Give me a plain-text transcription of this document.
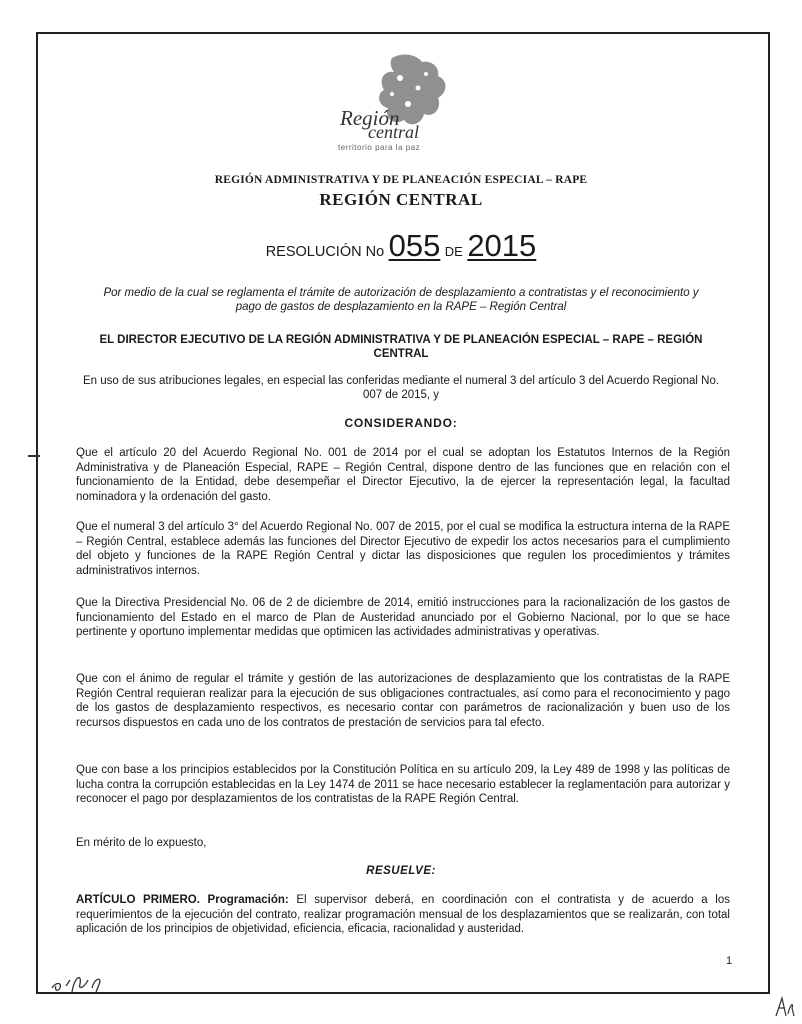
Región
central
territorio para la paz
REGIÓN ADMINISTRATIVA Y DE PLANEACIÓN ESPECIAL – RAPE
REGIÓN CENTRAL
RESOLUCIÓN No 055 DE 2015
Por medio de la cual se reglamenta el trámite de autorización de desplazamiento a contratistas y el reconocimiento y pago de gastos de desplazamiento en la RAPE – Región Central
EL DIRECTOR EJECUTIVO DE LA REGIÓN ADMINISTRATIVA Y DE PLANEACIÓN ESPECIAL – RAPE – REGIÓN CENTRAL
En uso de sus atribuciones legales, en especial las conferidas mediante el numeral 3 del artículo 3 del Acuerdo Regional No. 007 de 2015, y
CONSIDERANDO:
Que el artículo 20 del Acuerdo Regional No. 001 de 2014 por el cual se adoptan los Estatutos Internos de la Región Administrativa y de Planeación Especial, RAPE – Región Central, dispone dentro de las funciones que en relación con el funcionamiento de la Entidad, debe desempeñar el Director Ejecutivo, la de ejercer la representación legal, la facultad nominadora y la ordenación del gasto.
Que el numeral 3 del artículo 3° del Acuerdo Regional No. 007 de 2015, por el cual se modifica la estructura interna de la RAPE – Región Central, establece además las funciones del Director Ejecutivo de expedir los actos necesarios para el cumplimiento del objeto y funciones de la RAPE Región Central y dictar las disposiciones que regulen los procedimientos y trámites administrativos internos.
Que la Directiva Presidencial No. 06 de 2 de diciembre de 2014, emitió instrucciones para la racionalización de los gastos de funcionamiento del Estado en el marco de Plan de Austeridad anunciado por el Gobierno Nacional, por lo que se hace pertinente y oportuno implementar medidas que optimicen las actividades administrativas y operativas.
Que con el ánimo de regular el trámite y gestión de las autorizaciones de desplazamiento que los contratistas de la RAPE Región Central requieran realizar para la ejecución de sus obligaciones contractuales, así como para el reconocimiento y pago de los gastos de desplazamiento respectivos, es necesario contar con parámetros de racionalización y buen uso de los recursos dispuestos en cada uno de los contratos de prestación de servicios para tal efecto.
Que con base a los principios establecidos por la Constitución Política en su artículo 209, la Ley 489 de 1998 y las políticas de lucha contra la corrupción establecidas en la Ley 1474 de 2011 se hace necesario establecer la reglamentación para autorizar y reconocer el pago por desplazamientos de los contratistas de la RAPE Región Central.
En mérito de lo expuesto,
RESUELVE:
ARTÍCULO PRIMERO. Programación: El supervisor deberá, en coordinación con el contratista y de acuerdo a los requerimientos de la ejecución del contrato, realizar programación mensual de los desplazamientos que se realizarán, con total aplicación de los principios de objetividad, eficiencia, eficacia, racionalidad y austeridad.
1
